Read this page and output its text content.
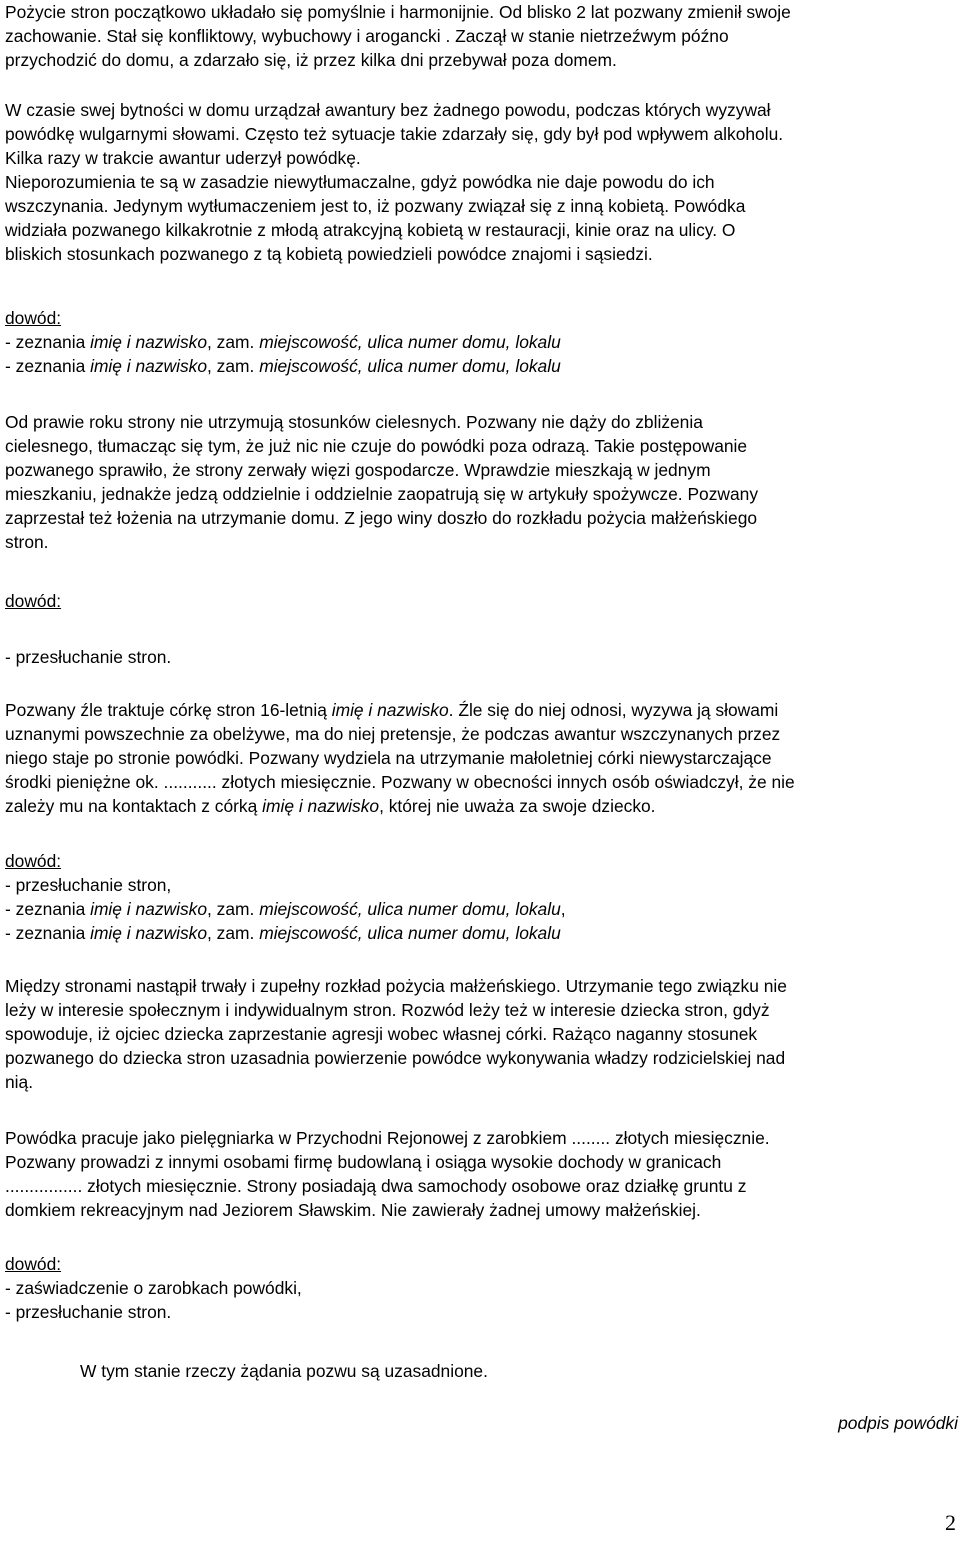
Pożycie stron początkowo układało się pomyślnie i harmonijnie. Od blisko 2 lat pozwany zmienił swoje
zachowanie. Stał się konfliktowy, wybuchowy i arogancki . Zaczął w stanie nietrzeźwym późno
przychodzić do domu, a zdarzało się, iż przez kilka dni przebywał poza domem.
W czasie swej bytności w domu urządzał awantury bez żadnego powodu, podczas których wyzywał
powódkę wulgarnymi słowami. Często też sytuacje takie zdarzały się, gdy był pod wpływem alkoholu.
Kilka razy w trakcie awantur uderzył powódkę.
Nieporozumienia te są w zasadzie niewytłumaczalne, gdyż powódka nie daje powodu do ich
wszczynania. Jedynym wytłumaczeniem jest to, iż pozwany związał się z inną kobietą. Powódka
widziała pozwanego kilkakrotnie z młodą atrakcyjną kobietą w restauracji, kinie oraz na ulicy. O
bliskich stosunkach pozwanego z tą kobietą powiedzieli powódce znajomi i sąsiedzi.
dowód:
- zeznania imię i nazwisko, zam. miejscowość, ulica numer domu, lokalu
- zeznania imię i nazwisko, zam. miejscowość, ulica numer domu, lokalu
Od prawie roku strony nie utrzymują stosunków cielesnych. Pozwany nie dąży do zbliżenia
cielesnego, tłumacząc się tym, że już nic nie czuje do powódki poza odrazą. Takie postępowanie
pozwanego sprawiło, że strony zerwały więzi gospodarcze. Wprawdzie mieszkają w jednym
mieszkaniu, jednakże jedzą oddzielnie i oddzielnie zaopatrują się w artykuły spożywcze. Pozwany
zaprzestał też łożenia na utrzymanie domu. Z jego winy doszło do rozkładu pożycia małżeńskiego
stron.
dowód:
- przesłuchanie stron.
Pozwany źle traktuje córkę stron 16-letnią imię i nazwisko. Źle się do niej odnosi, wyzywa ją słowami
uznanymi powszechnie za obelżywe, ma do niej pretensje, że podczas awantur wszczynanych przez
niego staje po stronie powódki. Pozwany wydziela na utrzymanie małoletniej córki niewystarczające
środki pieniężne ok. ........... złotych miesięcznie. Pozwany w obecności innych osób oświadczył, że nie
zależy mu na kontaktach z córką imię i nazwisko, której nie uważa za swoje dziecko.
dowód:
- przesłuchanie stron,
- zeznania imię i nazwisko, zam. miejscowość, ulica numer domu, lokalu,
- zeznania imię i nazwisko, zam. miejscowość, ulica numer domu, lokalu
Między stronami nastąpił trwały i zupełny rozkład pożycia małżeńskiego. Utrzymanie tego związku nie
leży w interesie społecznym i indywidualnym stron. Rozwód leży też w interesie dziecka stron, gdyż
spowoduje, iż ojciec dziecka zaprzestanie agresji wobec własnej córki. Rażąco naganny stosunek
pozwanego do dziecka stron uzasadnia powierzenie powódce wykonywania władzy rodzicielskiej nad
nią.
Powódka pracuje jako pielęgniarka w Przychodni Rejonowej z zarobkiem ........ złotych miesięcznie.
Pozwany prowadzi z innymi osobami firmę budowlaną i osiąga wysokie dochody w granicach
................ złotych miesięcznie. Strony posiadają dwa samochody osobowe oraz działkę gruntu z
domkiem rekreacyjnym nad Jeziorem Sławskim. Nie zawierały żadnej umowy małżeńskiej.
dowód:
- zaświadczenie o zarobkach powódki,
- przesłuchanie stron.
W tym stanie rzeczy żądania pozwu są uzasadnione.
podpis powódki
2
